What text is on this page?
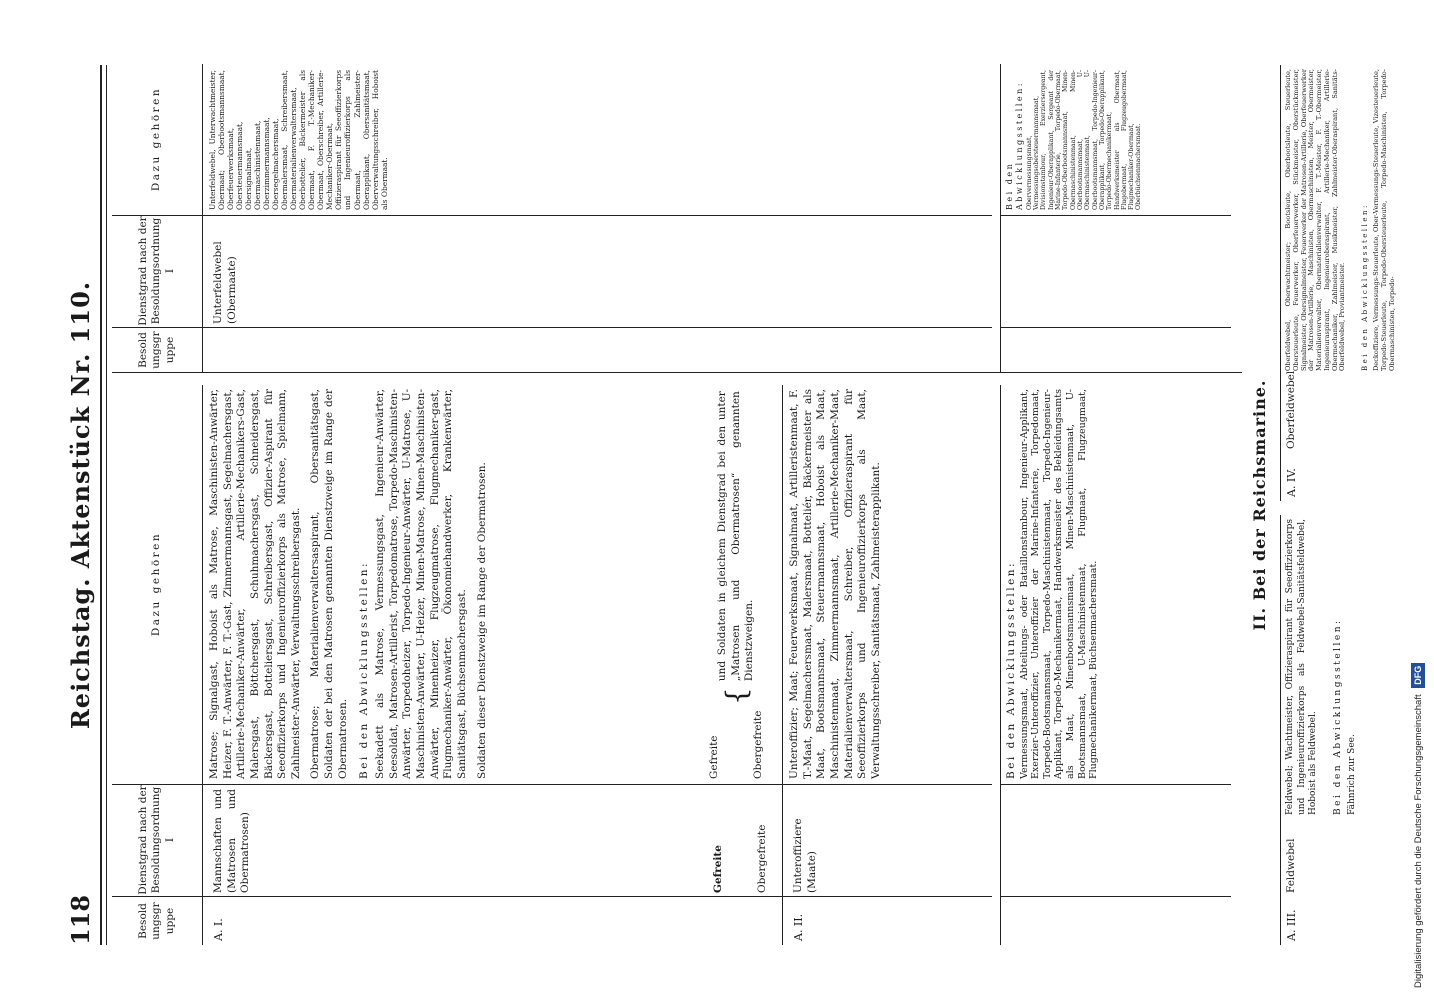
118
Reichstag. Aktenstück Nr. 110.
Besoldungsgruppe
Dienstgrad nach der Besoldungsordnung I
Dazu gehören
A. I.
Mannschaften und (Matrosen und Obermatrosen)
Matrose; Signalgast, Hoboist als Matrose, Maschinisten-Anwärter, Heizer, F. T.-Anwärter, F. T.-Gast, Zimmermannsgast, Segelmachersgast, Artillerie-Mechaniker-Anwärter, Artillerie-Mechanikers-Gast, Malersgast, Böttchersgast, Schuhmachersgast, Schneidersgast, Bäckersgast, Botteliersgast, Schreibersgast, Offizier-Aspirant für Seeoffizierkorps und Ingenieuroffizierkorps als Matrose, Spielmann, Zahlmeister-Anwärter, Verwaltungsschreibersgast. Obermatrose; Materialienverwaltersaspirant, Obersanitätsgast, Soldaten der bei den Matrosen genannten Dienstzweige im Range der Obermatrosen. Bei den Abwicklungsstellen: Seekadett als Matrose, Vermessungsgast, Ingenieur-Anwärter, Seesoldat, Matrosen-Artillerist, Torpedomatrose, Torpedo-Maschinisten-Anwärter, Torpedoheizer, Torpedo-Ingenieur-Anwärter, U-Matrose, U-Maschinisten-Anwärter, U-Heizer, Minen-Matrose, Minen-Maschinisten-Anwärter, Minenheizer, Flugzeugmatrose, Flugmechaniker-gast, Flugmechaniker-Anwärter, Ökonomiehandwerker, Krankenwärter, Sanitätsgast, Büchsenmachersgast. Soldaten dieser Dienstzweige im Range der Obermatrosen.
Gefreite
Gefreite	Obergefreite
{
und Soldaten in gleichem Dienstgrad bei den unter „Matrosen und Obermatrosen“ genannten Dienstzweigen.
Obergefreite
A. II.
Unteroffiziere (Maate)
Unteroffizier; Maat; Feuerwerksmaat, Signalmaat, Artilleristenmaat, F. T.-Maat, Segelmachersmaat, Malersmaat, Botteliér, Bäckermeister als Maat, Bootsmannsmaat, Steuermannsmaat, Hoboist als Maat, Maschinistenmaat, Zimmermannsmaat, Artillerie-Mechaniker-Maat, Materialienverwaltersmaat, Schreiber, Offizieraspirant für Seeoffizierkorps und Ingenieuroffizierkorps als Maat, Verwaltungsschreiber, Sanitätsmaat, Zahlmeisterapplikant.
Besoldungsgruppe
Dienstgrad nach der Besoldungsordnung I
Dazu gehören
Unterfeldwebel (Obermaate)
Unterfeldwebel, Unterwachtmeister, Obermaat; Oberbootsmannsmaat, Oberfeuerwerksmaat, Obersteuermannsmaat, Obersignalmaat, Obermaschinistenmaat, Oberzimmermannsmaat, Obersegelmachersmaat, Obermalersmaat, Schreibersmaat, Obermaterialienverwaltersmaat, Oberbotteliér, Bäckermeister als Obermaat, F. T.-Mechaniker-Obermaat, Oberschreiber, Artillerie-Mechaniker-Obermaat, Offizieraspirant für Seeoffizierkorps und Ingenieuroffizierkorps als Obermaat, Zahlmeister-Oberapplikant, Obersanitätsmaat, Oberverwaltungsschreiber, Hoboist als Obermaat.
Bei den Abwicklungsstellen: Vermessungsmaat, Abteilungs- oder Bataillonstambour, Ingenieur-Applikant, Exerzier-Unteroffizier, Unteroffizier der Marine-Infanterie, Torpedomaat, Torpedo-Bootsmannsmaat, Torpedo-Maschinistenmaat, Torpedo-Ingenieur-Applikant, Torpedo-Mechanikermaat, Handwerksmeister des Bekleidungsamts als Maat, Minenbootsmannsmaat, Minen-Maschinistenmaat, U-Bootsmannsmaat, U-Maschinistenmaat, Flugmaat, Flugzeugmaat, Flugmechanikermaat, Büchsenmachersmaat.
Bei den Abwicklungsstellen: Obervermessungsmaat, Vermessungsobersteuermannsmaat, Divisionstambour, Exerziersergeant, Ingenieur-Oberapplikant, Sergeant der Marine-Infanterie, Torpedo-Obermaat, Torpedo-Oberbootsmannsmaat, Minen-Obermaschinistenmaat, Minen-Oberbootsmannsmaat, U-Obermaschinistenmaat, U-Oberbootsmannsmaat, Torpedo-Ingenieur-Oberapplikant, Torpedo-Oberapplikant, Torpedo-Obermechanikermaat, Handwerksmeister als Obermaat, Flugobermaat, Flugzeugobermaat, Flugmechaniker-Obermaat, Oberbüchsenmachersmaat.
II. Bei der Reichsmarine.
A. III.
Feldwebel
Feldwebel; Wachtmeister, Offizieraspirant für Seeoffizierkorps und Ingenieuroffizierkorps als Feldwebel-Sanitätsfeldwebel, Hoboist als Feldwebel. Bei den Abwicklungsstellen: Fähnrich zur See.
A. IV.
Oberfeldwebel
Oberfeldwebel, Oberwachtmeister; Bootsleute, Oberbootsleute, Steuerleute, Obersteuerleute, Feuerwerker, Oberfeuerwerker, Stückmeister, Oberstückmeister, Signalmeister, Obersignalmeister, Feuerwerker der Matrosen-Artillerie, Oberfeuerwerker der Matrosen-Artillerie, Maschinisten, Obermaschinisten, Meister, Obermeister, Materialienverwalter, Obermaterialienverwalter, F. T.-Meister, F. T.-Obermeister, Ingenieuraspirant, Ingenieuroberaspirant, Artillerie-Mechaniker, Artillerie-Obermechaniker, Zahlmeister, Musikmeister, Zahlmeister-Oberaspirant, Sanitäts-Oberfeldwebel, Proviantmeister. Bei den Abwicklungsstellen: Deckoffiziere, Vermessungs-Steuerleute, Ober-Vermessungs-Steuerleute, Vizesteuerleute, Torpedo-Steuerleute, Torpedo-Obersteuerleute, Torpedo-Maschinisten, Torpedo-Obermaschinisten, Torpedo-
Digitalisierung gefördert durch die Deutsche Forschungsgemeinschaft DFG
